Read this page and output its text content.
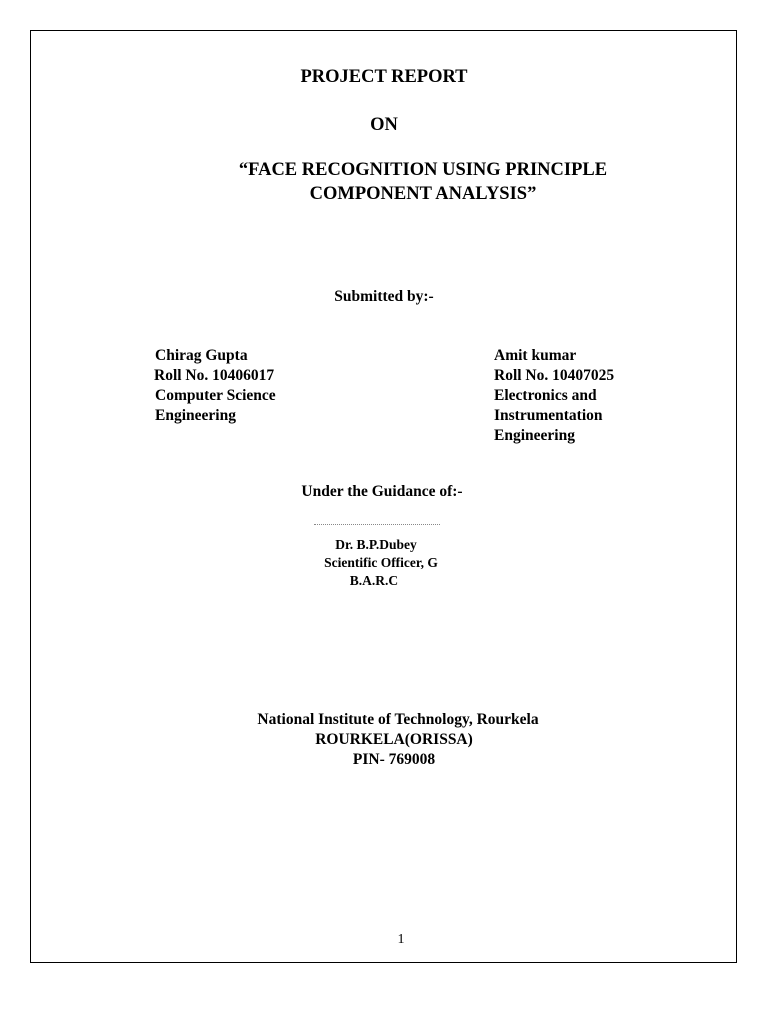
PROJECT REPORT
ON
“FACE RECOGNITION USING PRINCIPLE
COMPONENT ANALYSIS”
Submitted by:-
Chirag Gupta
Roll No. 10406017
Computer Science
Engineering
Amit kumar
Roll No. 10407025
Electronics and
Instrumentation
Engineering
Under the Guidance of:-
Dr. B.P.Dubey
Scientific Officer, G
B.A.R.C
National Institute of Technology, Rourkela
ROURKELA(ORISSA)
PIN- 769008
1
